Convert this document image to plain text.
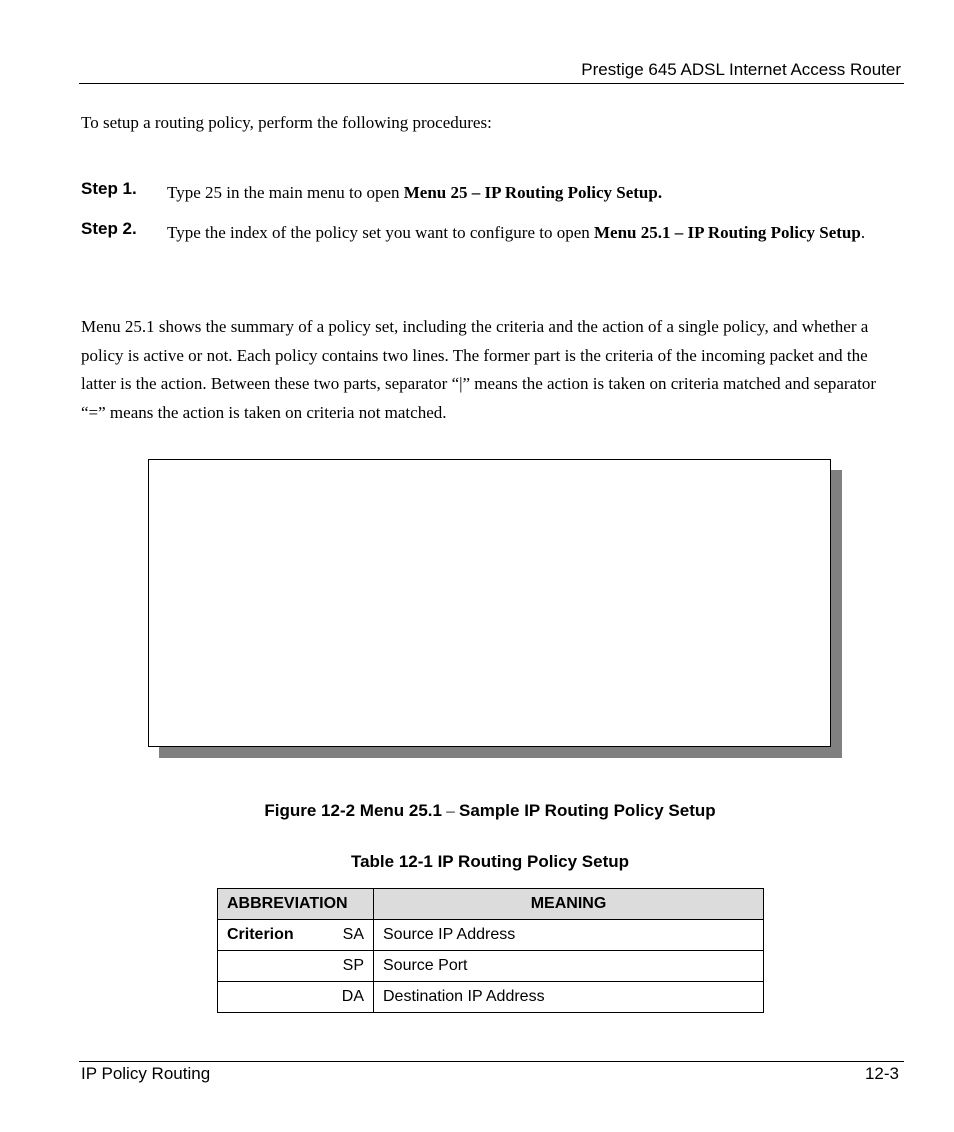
Prestige 645 ADSL Internet Access Router
To setup a routing policy, perform the following procedures:
Step 1. Type 25 in the main menu to open Menu 25 – IP Routing Policy Setup.
Step 2. Type the index of the policy set you want to configure to open Menu 25.1 – IP Routing Policy Setup.
Menu 25.1 shows the summary of a policy set, including the criteria and the action of a single policy, and whether a policy is active or not. Each policy contains two lines. The former part is the criteria of the incoming packet and the latter is the action. Between these two parts, separator “|” means the action is taken on criteria matched and separator “=” means the action is taken on criteria not matched.
Figure 12-2 Menu 25.1 – Sample IP Routing Policy Setup
Table 12-1 IP Routing Policy Setup
ABBREVIATION	MEANING

Criterion SA	Source IP Address
SP	Source Port
DA	Destination IP Address
IP Policy Routing	12-3
